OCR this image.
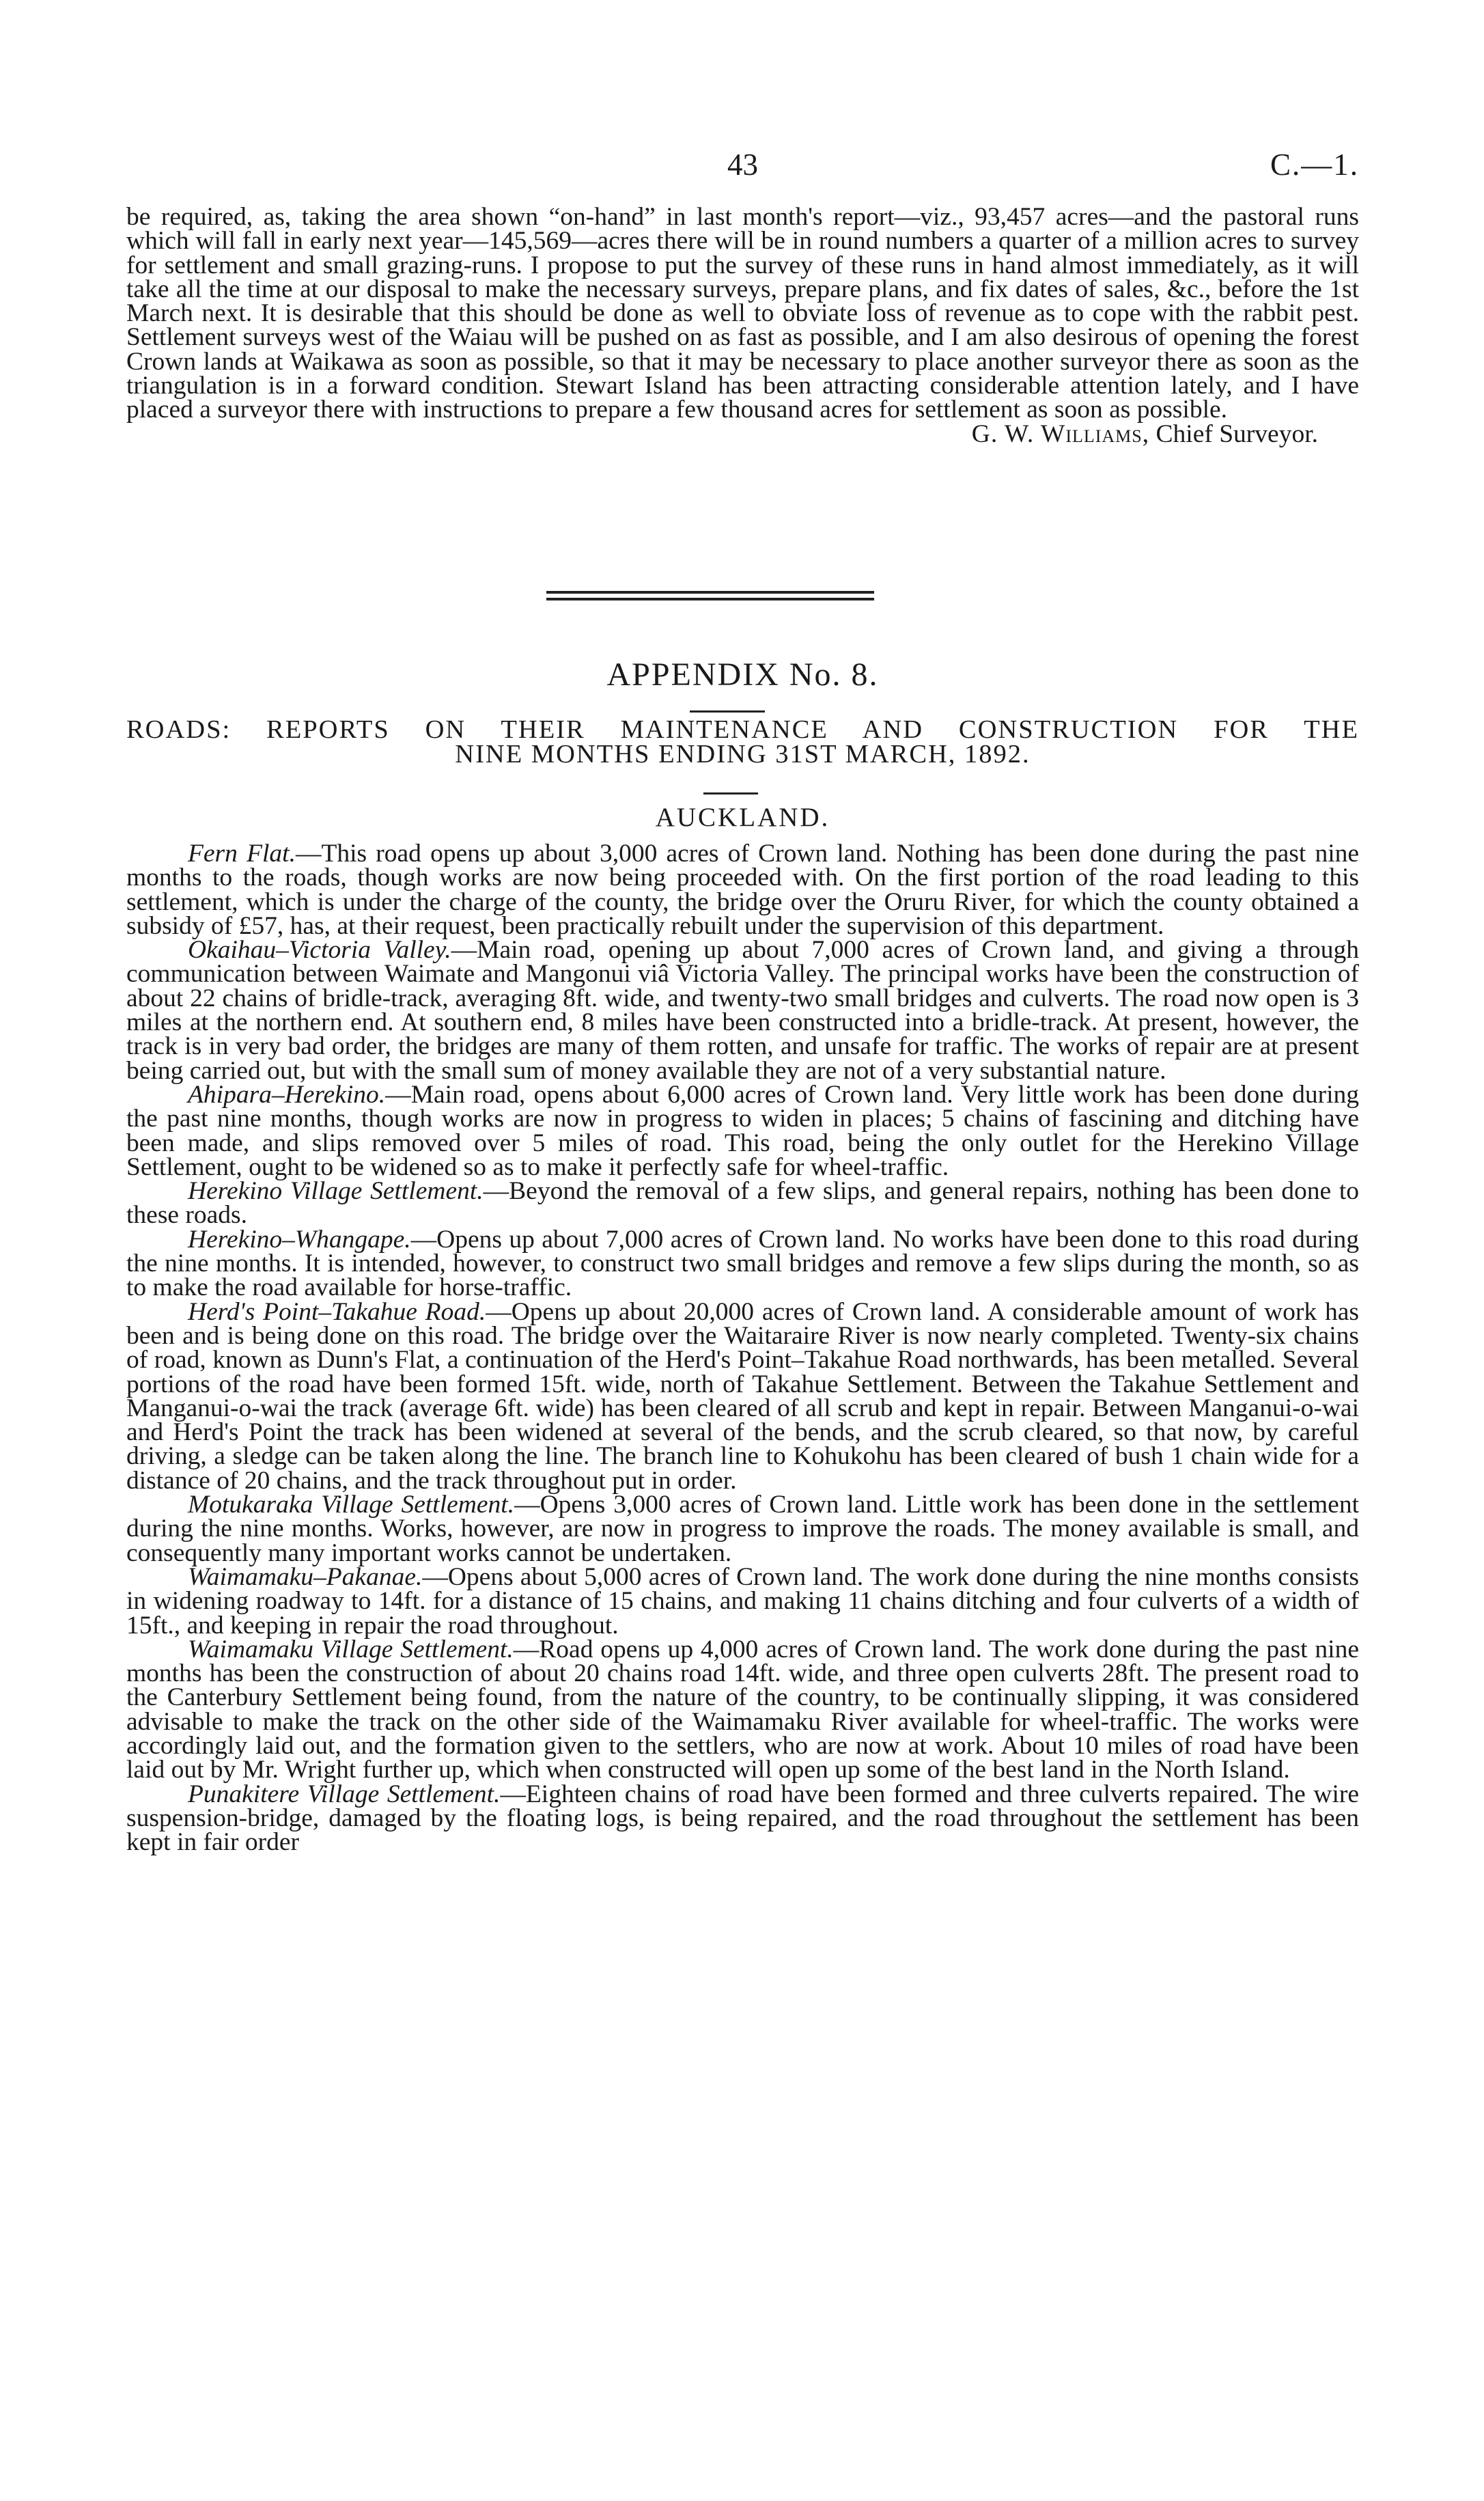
43	C.—1.

be required, as, taking the area shown “on-hand” in last month's report—viz., 93,457 acres—and the pastoral runs which will fall in early next year—145,569—acres there will be in round numbers a quarter of a million acres to survey for settlement and small grazing-runs. I propose to put the survey of these runs in hand almost immediately, as it will take all the time at our disposal to make the necessary surveys, prepare plans, and fix dates of sales, &c., before the 1st March next. It is desirable that this should be done as well to obviate loss of revenue as to cope with the rabbit pest. Settlement surveys west of the Waiau will be pushed on as fast as possible, and I am also desirous of opening the forest Crown lands at Waikawa as soon as possible, so that it may be necessary to place another surveyor there as soon as the triangulation is in a forward condition. Stewart Island has been attracting considerable attention lately, and I have placed a surveyor there with instructions to prepare a few thousand acres for settlement as soon as possible.

G. W. Williams, Chief Surveyor.

APPENDIX No. 8.
ROADS: REPORTS ON THEIR MAINTENANCE AND CONSTRUCTION FOR THE
NINE MONTHS ENDING 31ST MARCH, 1892.
AUCKLAND.

Fern Flat.—This road opens up about 3,000 acres of Crown land. Nothing has been done during the past nine months to the roads, though works are now being proceeded with. On the first portion of the road leading to this settlement, which is under the charge of the county, the bridge over the Oruru River, for which the county obtained a subsidy of £57, has, at their request, been practically rebuilt under the supervision of this department.

Okaihau–Victoria Valley.—Main road, opening up about 7,000 acres of Crown land, and giving a through communication between Waimate and Mangonui viâ Victoria Valley. The principal works have been the construction of about 22 chains of bridle-track, averaging 8ft. wide, and twenty-two small bridges and culverts. The road now open is 3 miles at the northern end. At southern end, 8 miles have been constructed into a bridle-track. At present, however, the track is in very bad order, the bridges are many of them rotten, and unsafe for traffic. The works of repair are at present being carried out, but with the small sum of money available they are not of a very substantial nature.

Ahipara–Herekino.—Main road, opens about 6,000 acres of Crown land. Very little work has been done during the past nine months, though works are now in progress to widen in places; 5 chains of fascining and ditching have been made, and slips removed over 5 miles of road. This road, being the only outlet for the Herekino Village Settlement, ought to be widened so as to make it perfectly safe for wheel-traffic.

Herekino Village Settlement.—Beyond the removal of a few slips, and general repairs, nothing has been done to these roads.

Herekino–Whangape.—Opens up about 7,000 acres of Crown land. No works have been done to this road during the nine months. It is intended, however, to construct two small bridges and remove a few slips during the month, so as to make the road available for horse-traffic.

Herd's Point–Takahue Road.—Opens up about 20,000 acres of Crown land. A considerable amount of work has been and is being done on this road. The bridge over the Waitaraire River is now nearly completed. Twenty-six chains of road, known as Dunn's Flat, a continuation of the Herd's Point–Takahue Road northwards, has been metalled. Several portions of the road have been formed 15ft. wide, north of Takahue Settlement. Between the Takahue Settlement and Manganui-o-wai the track (average 6ft. wide) has been cleared of all scrub and kept in repair. Between Manganui-o-wai and Herd's Point the track has been widened at several of the bends, and the scrub cleared, so that now, by careful driving, a sledge can be taken along the line. The branch line to Kohukohu has been cleared of bush 1 chain wide for a distance of 20 chains, and the track throughout put in order.

Motukaraka Village Settlement.—Opens 3,000 acres of Crown land. Little work has been done in the settlement during the nine months. Works, however, are now in progress to improve the roads. The money available is small, and consequently many important works cannot be undertaken.

Waimamaku–Pakanae.—Opens about 5,000 acres of Crown land. The work done during the nine months consists in widening roadway to 14ft. for a distance of 15 chains, and making 11 chains ditching and four culverts of a width of 15ft., and keeping in repair the road throughout.

Waimamaku Village Settlement.—Road opens up 4,000 acres of Crown land. The work done during the past nine months has been the construction of about 20 chains road 14ft. wide, and three open culverts 28ft. The present road to the Canterbury Settlement being found, from the nature of the country, to be continually slipping, it was considered advisable to make the track on the other side of the Waimamaku River available for wheel-traffic. The works were accordingly laid out, and the formation given to the settlers, who are now at work. About 10 miles of road have been laid out by Mr. Wright further up, which when constructed will open up some of the best land in the North Island.

Punakitere Village Settlement.—Eighteen chains of road have been formed and three culverts repaired. The wire suspension-bridge, damaged by the floating logs, is being repaired, and the road throughout the settlement has been kept in fair order
